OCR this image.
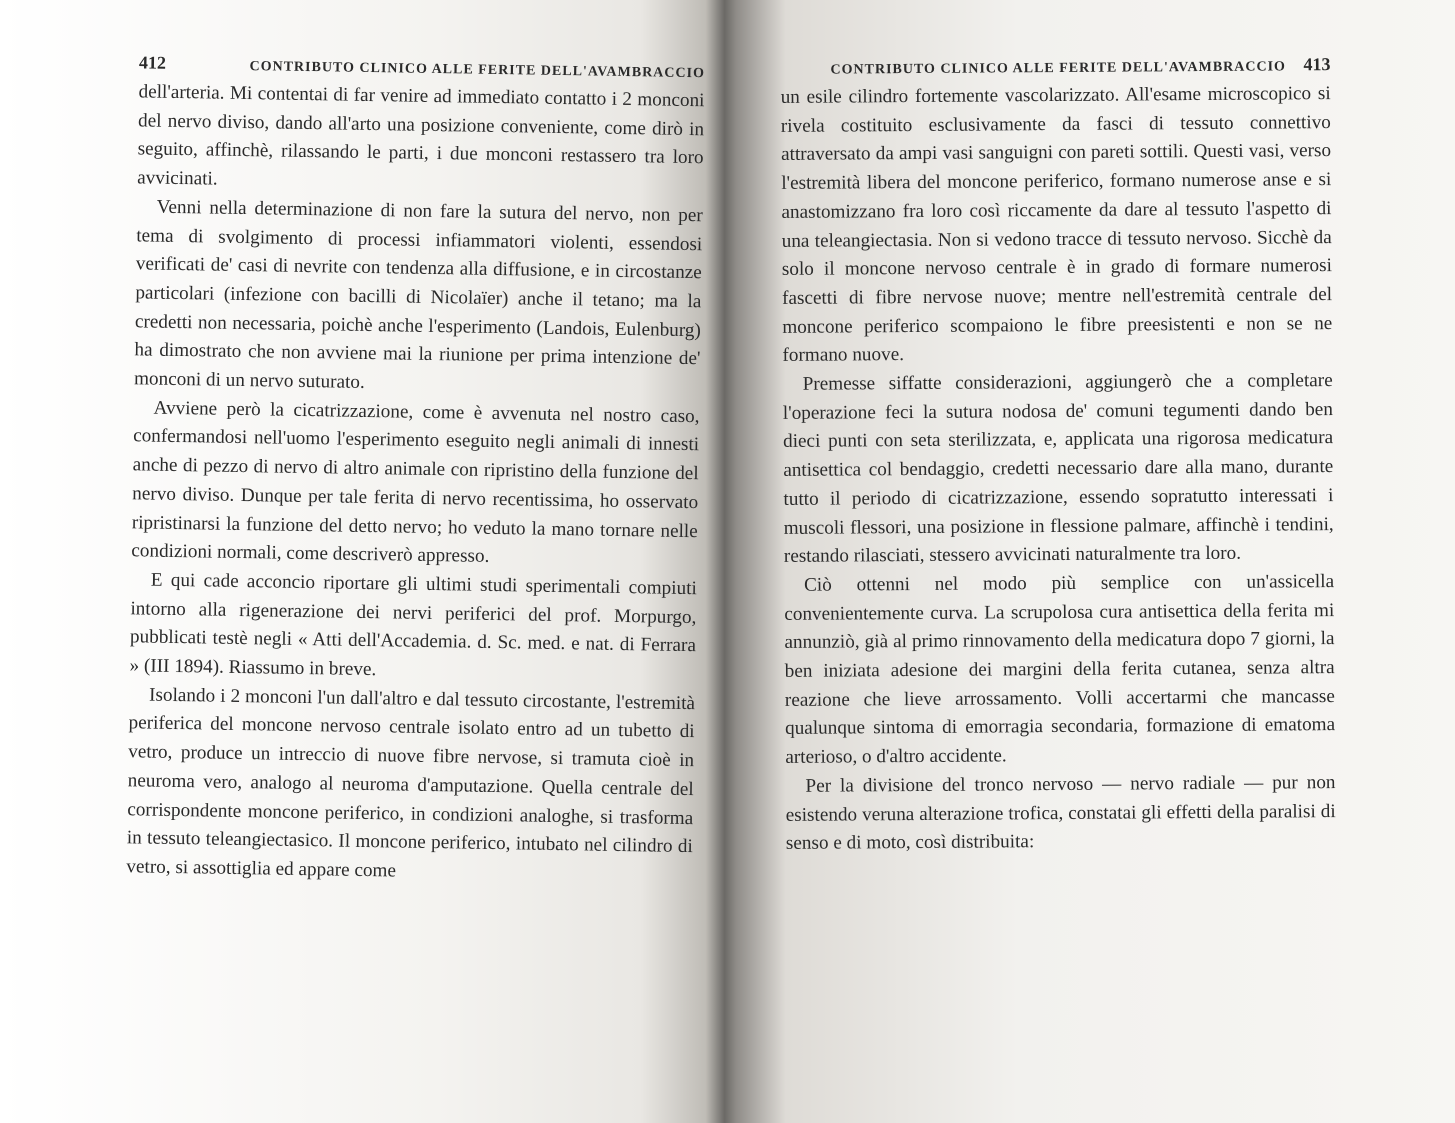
412	CONTRIBUTO CLINICO ALLE FERITE DELL'AVAMBRACCIO

dell'arteria. Mi contentai di far venire ad immediato contatto i 2 monconi del nervo diviso, dando all'arto una posizione conveniente, come dirò in seguito, affinchè, rilassando le parti, i due monconi restassero tra loro avvicinati.

Venni nella determinazione di non fare la sutura del nervo, non per tema di svolgimento di processi infiammatori violenti, essendosi verificati de' casi di nevrite con tendenza alla diffusione, e in circostanze particolari (infezione con bacilli di Nicolaïer) anche il tetano; ma la credetti non necessaria, poichè anche l'esperimento (Landois, Eulenburg) ha dimostrato che non avviene mai la riunione per prima intenzione de' monconi di un nervo suturato.

Avviene però la cicatrizzazione, come è avvenuta nel nostro caso, confermandosi nell'uomo l'esperimento eseguito negli animali di innesti anche di pezzo di nervo di altro animale con ripristino della funzione del nervo diviso. Dunque per tale ferita di nervo recentissima, ho osservato ripristinarsi la funzione del detto nervo; ho veduto la mano tornare nelle condizioni normali, come descriverò appresso.

E qui cade acconcio riportare gli ultimi studi sperimentali compiuti intorno alla rigenerazione dei nervi periferici del prof. Morpurgo, pubblicati testè negli « Atti dell'Accademia. d. Sc. med. e nat. di Ferrara » (III 1894). Riassumo in breve.

Isolando i 2 monconi l'un dall'altro e dal tessuto circostante, l'estremità periferica del moncone nervoso centrale isolato entro ad un tubetto di vetro, produce un intreccio di nuove fibre nervose, si tramuta cioè in neuroma vero, analogo al neuroma d'amputazione. Quella centrale del corrispondente moncone periferico, in condizioni analoghe, si trasforma in tessuto teleangiectasico. Il moncone periferico, intubato nel cilindro di vetro, si assottiglia ed appare come

CONTRIBUTO CLINICO ALLE FERITE DELL'AVAMBRACCIO 413

un esile cilindro fortemente vascolarizzato. All'esame microscopico si rivela costituito esclusivamente da fasci di tessuto connettivo attraversato da ampi vasi sanguigni con pareti sottili. Questi vasi, verso l'estremità libera del moncone periferico, formano numerose anse e si anastomizzano fra loro così riccamente da dare al tessuto l'aspetto di una teleangiectasia. Non si vedono tracce di tessuto nervoso. Sicchè da solo il moncone nervoso centrale è in grado di formare numerosi fascetti di fibre nervose nuove; mentre nell'estremità centrale del moncone periferico scompaiono le fibre preesistenti e non se ne formano nuove.

Premesse siffatte considerazioni, aggiungerò che a completare l'operazione feci la sutura nodosa de' comuni tegumenti dando ben dieci punti con seta sterilizzata, e, applicata una rigorosa medicatura antisettica col bendaggio, credetti necessario dare alla mano, durante tutto il periodo di cicatrizzazione, essendo sopratutto interessati i muscoli flessori, una posizione in flessione palmare, affinchè i tendini, restando rilasciati, stessero avvicinati naturalmente tra loro.

Ciò ottenni nel modo più semplice con un'assicella convenientemente curva. La scrupolosa cura antisettica della ferita mi annunziò, già al primo rinnovamento della medicatura dopo 7 giorni, la ben iniziata adesione dei margini della ferita cutanea, senza altra reazione che lieve arrossamento. Volli accertarmi che mancasse qualunque sintoma di emorragia secondaria, formazione di ematoma arterioso, o d'altro accidente.

Per la divisione del tronco nervoso — nervo radiale — pur non esistendo veruna alterazione trofica, constatai gli effetti della paralisi di senso e di moto, così distribuita:
